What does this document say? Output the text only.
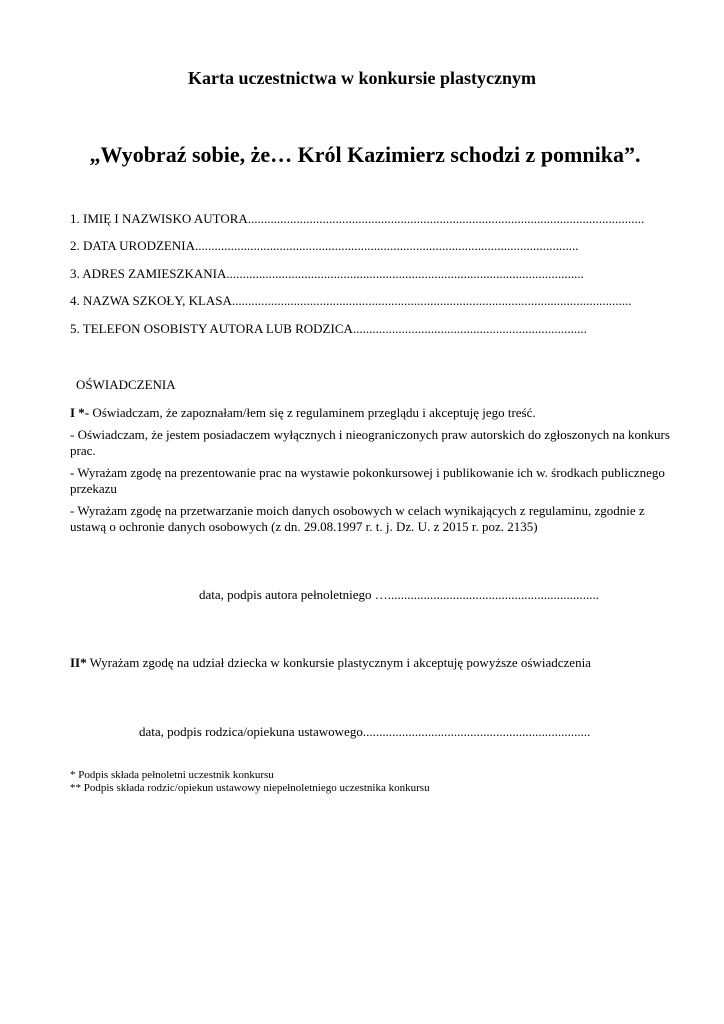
Karta uczestnictwa w konkursie plastycznym
„Wyobraź sobie, że… Król Kazimierz schodzi z pomnika”.
1. IMIĘ I NAZWISKO AUTORA..........................................................................................................................
2. DATA URODZENIA......................................................................................................................
3. ADRES ZAMIESZKANIA..............................................................................................................
4. NAZWA SZKOŁY, KLASA...........................................................................................................................
5. TELEFON OSOBISTY AUTORA LUB RODZICA........................................................................
OŚWIADCZENIA
I *- Oświadczam, że zapoznałam/łem się z regulaminem przeglądu i akceptuję jego treść.
- Oświadczam, że jestem posiadaczem wyłącznych i nieograniczonych praw autorskich do zgłoszonych na konkurs prac.
- Wyrażam zgodę na prezentowanie prac na wystawie pokonkursowej i publikowanie ich w. środkach publicznego przekazu
- Wyrażam zgodę na przetwarzanie moich danych osobowych w celach wynikających z regulaminu, zgodnie z ustawą o ochronie danych osobowych (z dn. 29.08.1997 r. t. j. Dz. U. z 2015 r. poz. 2135)
data, podpis autora pełnoletniego ….................................................................
II* Wyrażam zgodę na udział dziecka w konkursie plastycznym i akceptuję powyższe oświadczenia
data, podpis rodzica/opiekuna ustawowego......................................................................
* Podpis składa pełnoletni uczestnik konkursu
** Podpis składa rodzic/opiekun ustawowy niepełnoletniego uczestnika konkursu
